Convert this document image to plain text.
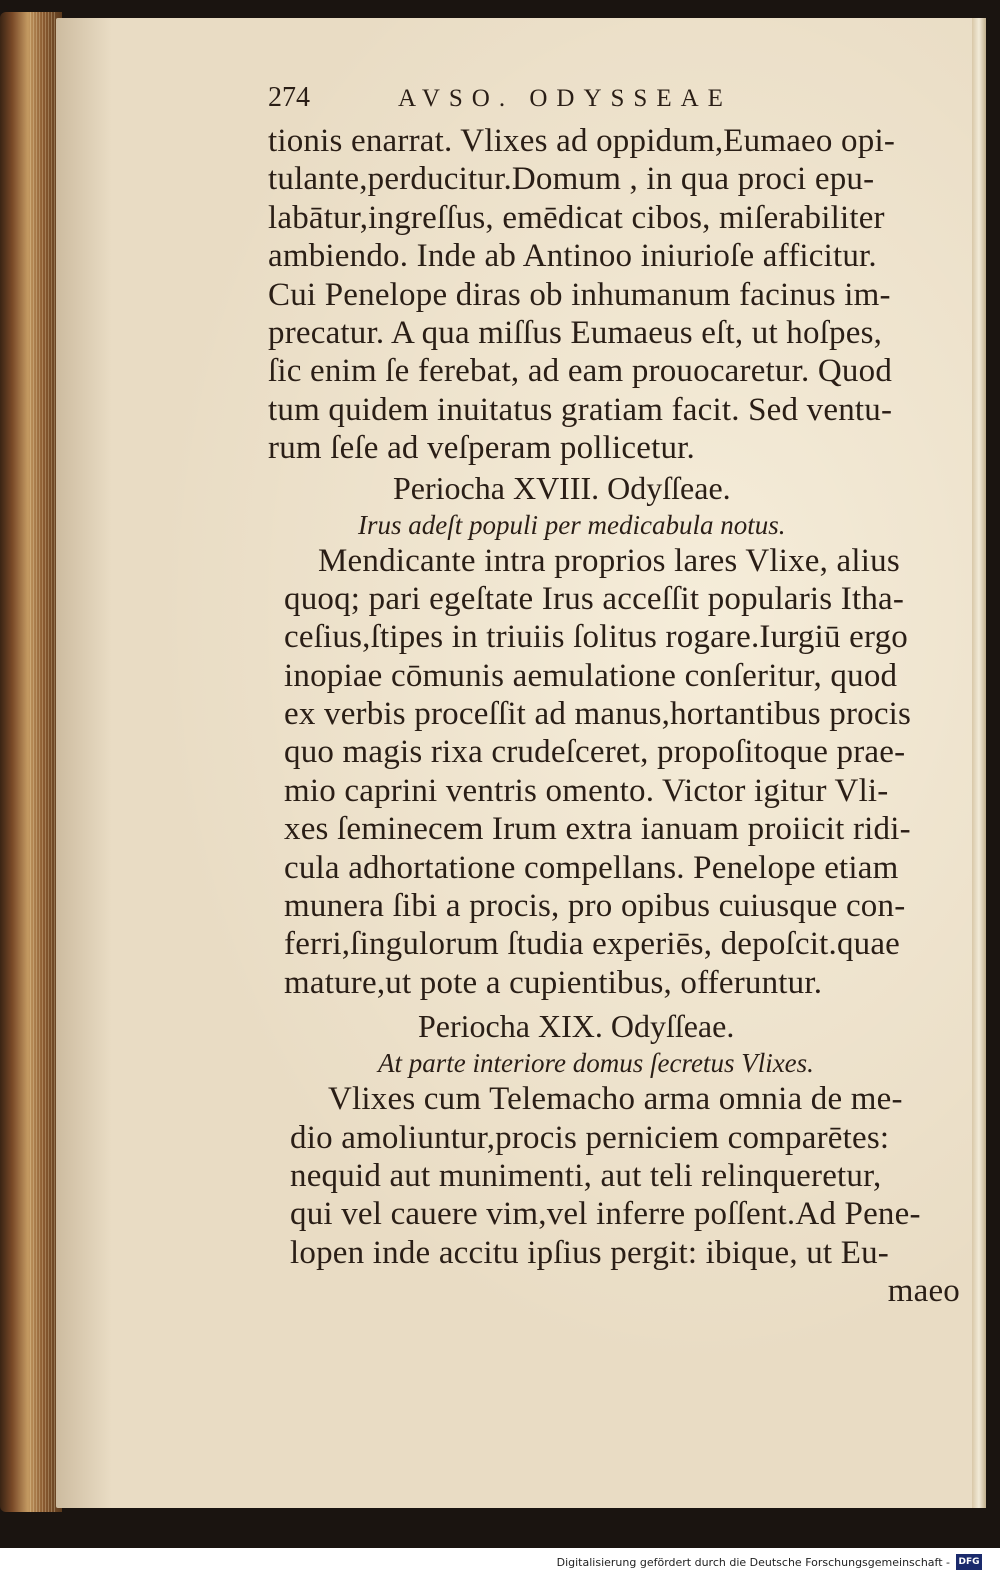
274	AVSO. ODYSSEAE
tionis enarrat. Vlixes ad oppidum,Eumaeo opi-
tulante,perducitur.Domum , in qua proci epu-
labātur,ingreſſus, emēdicat cibos, miſerabiliter
ambiendo. Inde ab Antinoo iniurioſe afficitur.
Cui Penelope diras ob inhumanum facinus im-
precatur. A qua miſſus Eumaeus eſt, ut hoſpes,
ſic enim ſe ferebat, ad eam prouocaretur. Quod
tum quidem inuitatus gratiam facit. Sed ventu-
rum ſeſe ad veſperam pollicetur.
Periocha XVIII. Odyſſeae.
Irus adeſt populi per medicabula notus.
Mendicante intra proprios lares Vlixe, alius
quoq; pari egeſtate Irus acceſſit popularis Itha-
ceſius,ſtipes in triuiis ſolitus rogare.Iurgiū ergo
inopiae cōmunis aemulatione conſeritur, quod
ex verbis proceſſit ad manus,hortantibus procis
quo magis rixa crudeſceret, propoſitoque prae-
mio caprini ventris omento. Victor igitur Vli-
xes ſeminecem Irum extra ianuam proiicit ridi-
cula adhortatione compellans. Penelope etiam
munera ſibi a procis, pro opibus cuiusque con-
ferri,ſingulorum ſtudia experiēs, depoſcit.quae
mature,ut pote a cupientibus, offeruntur.
Periocha XIX. Odyſſeae.
At parte interiore domus ſecretus Vlixes.
Vlixes cum Telemacho arma omnia de me-
dio amoliuntur,procis perniciem comparētes:
nequid aut munimenti, aut teli relinqueretur,
qui vel cauere vim,vel inferre poſſent.Ad Pene-
lopen inde accitu ipſius pergit: ibique, ut Eu-
maeo
Digitalisierung gefördert durch die Deutsche Forschungsgemeinschaft - DFG
